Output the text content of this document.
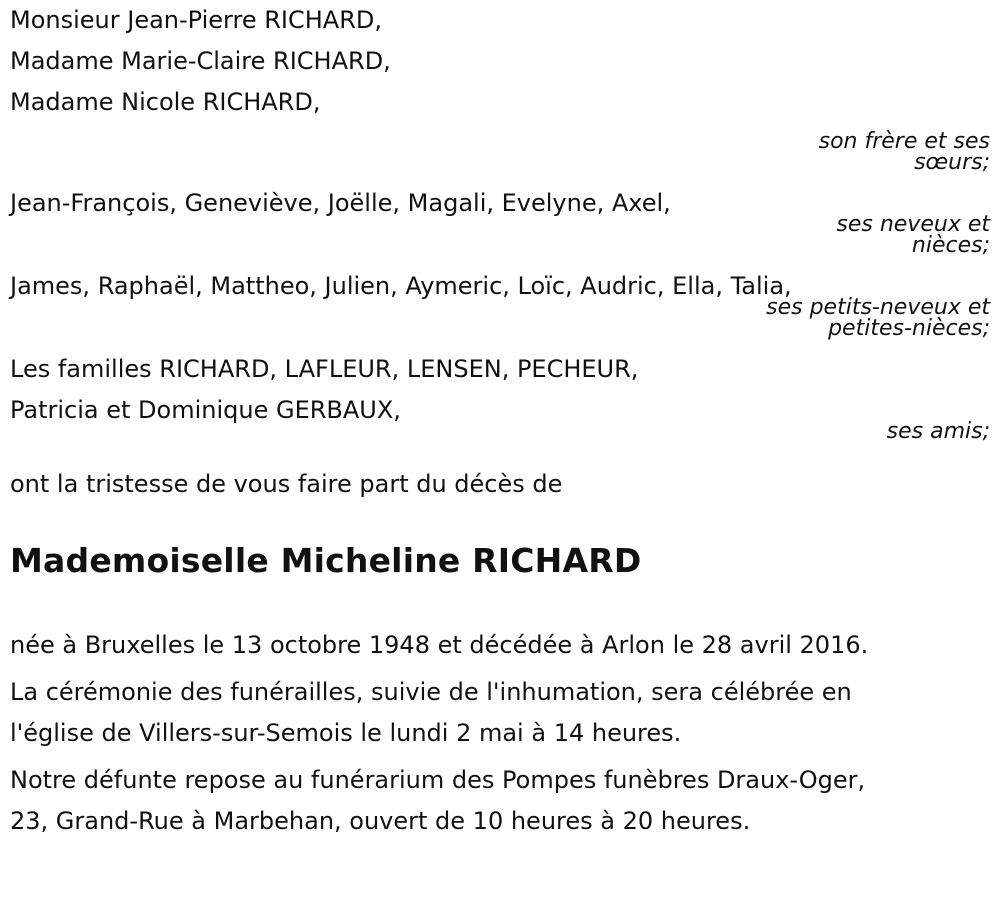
Monsieur Jean-Pierre RICHARD,

Madame Marie-Claire RICHARD,

Madame Nicole RICHARD,

son frère et ses

sœurs;

Jean-François, Geneviève, Joëlle, Magali, Evelyne, Axel,

ses neveux et

nièces;

James, Raphaël, Mattheo, Julien, Aymeric, Loïc, Audric, Ella, Talia,

ses petits-neveux et

petites-nièces;

Les familles RICHARD, LAFLEUR, LENSEN, PECHEUR,

Patricia et Dominique GERBAUX,

ses amis;

ont la tristesse de vous faire part du décès de

Mademoiselle Micheline RICHARD

née à Bruxelles le 13 octobre 1948 et décédée à Arlon le 28 avril 2016.

La cérémonie des funérailles, suivie de l'inhumation, sera célébrée en
l'église de Villers-sur-Semois le lundi 2 mai à 14 heures.
Notre défunte repose au funérarium des Pompes funèbres Draux-Oger,
23, Grand-Rue à Marbehan, ouvert de 10 heures à 20 heures.
